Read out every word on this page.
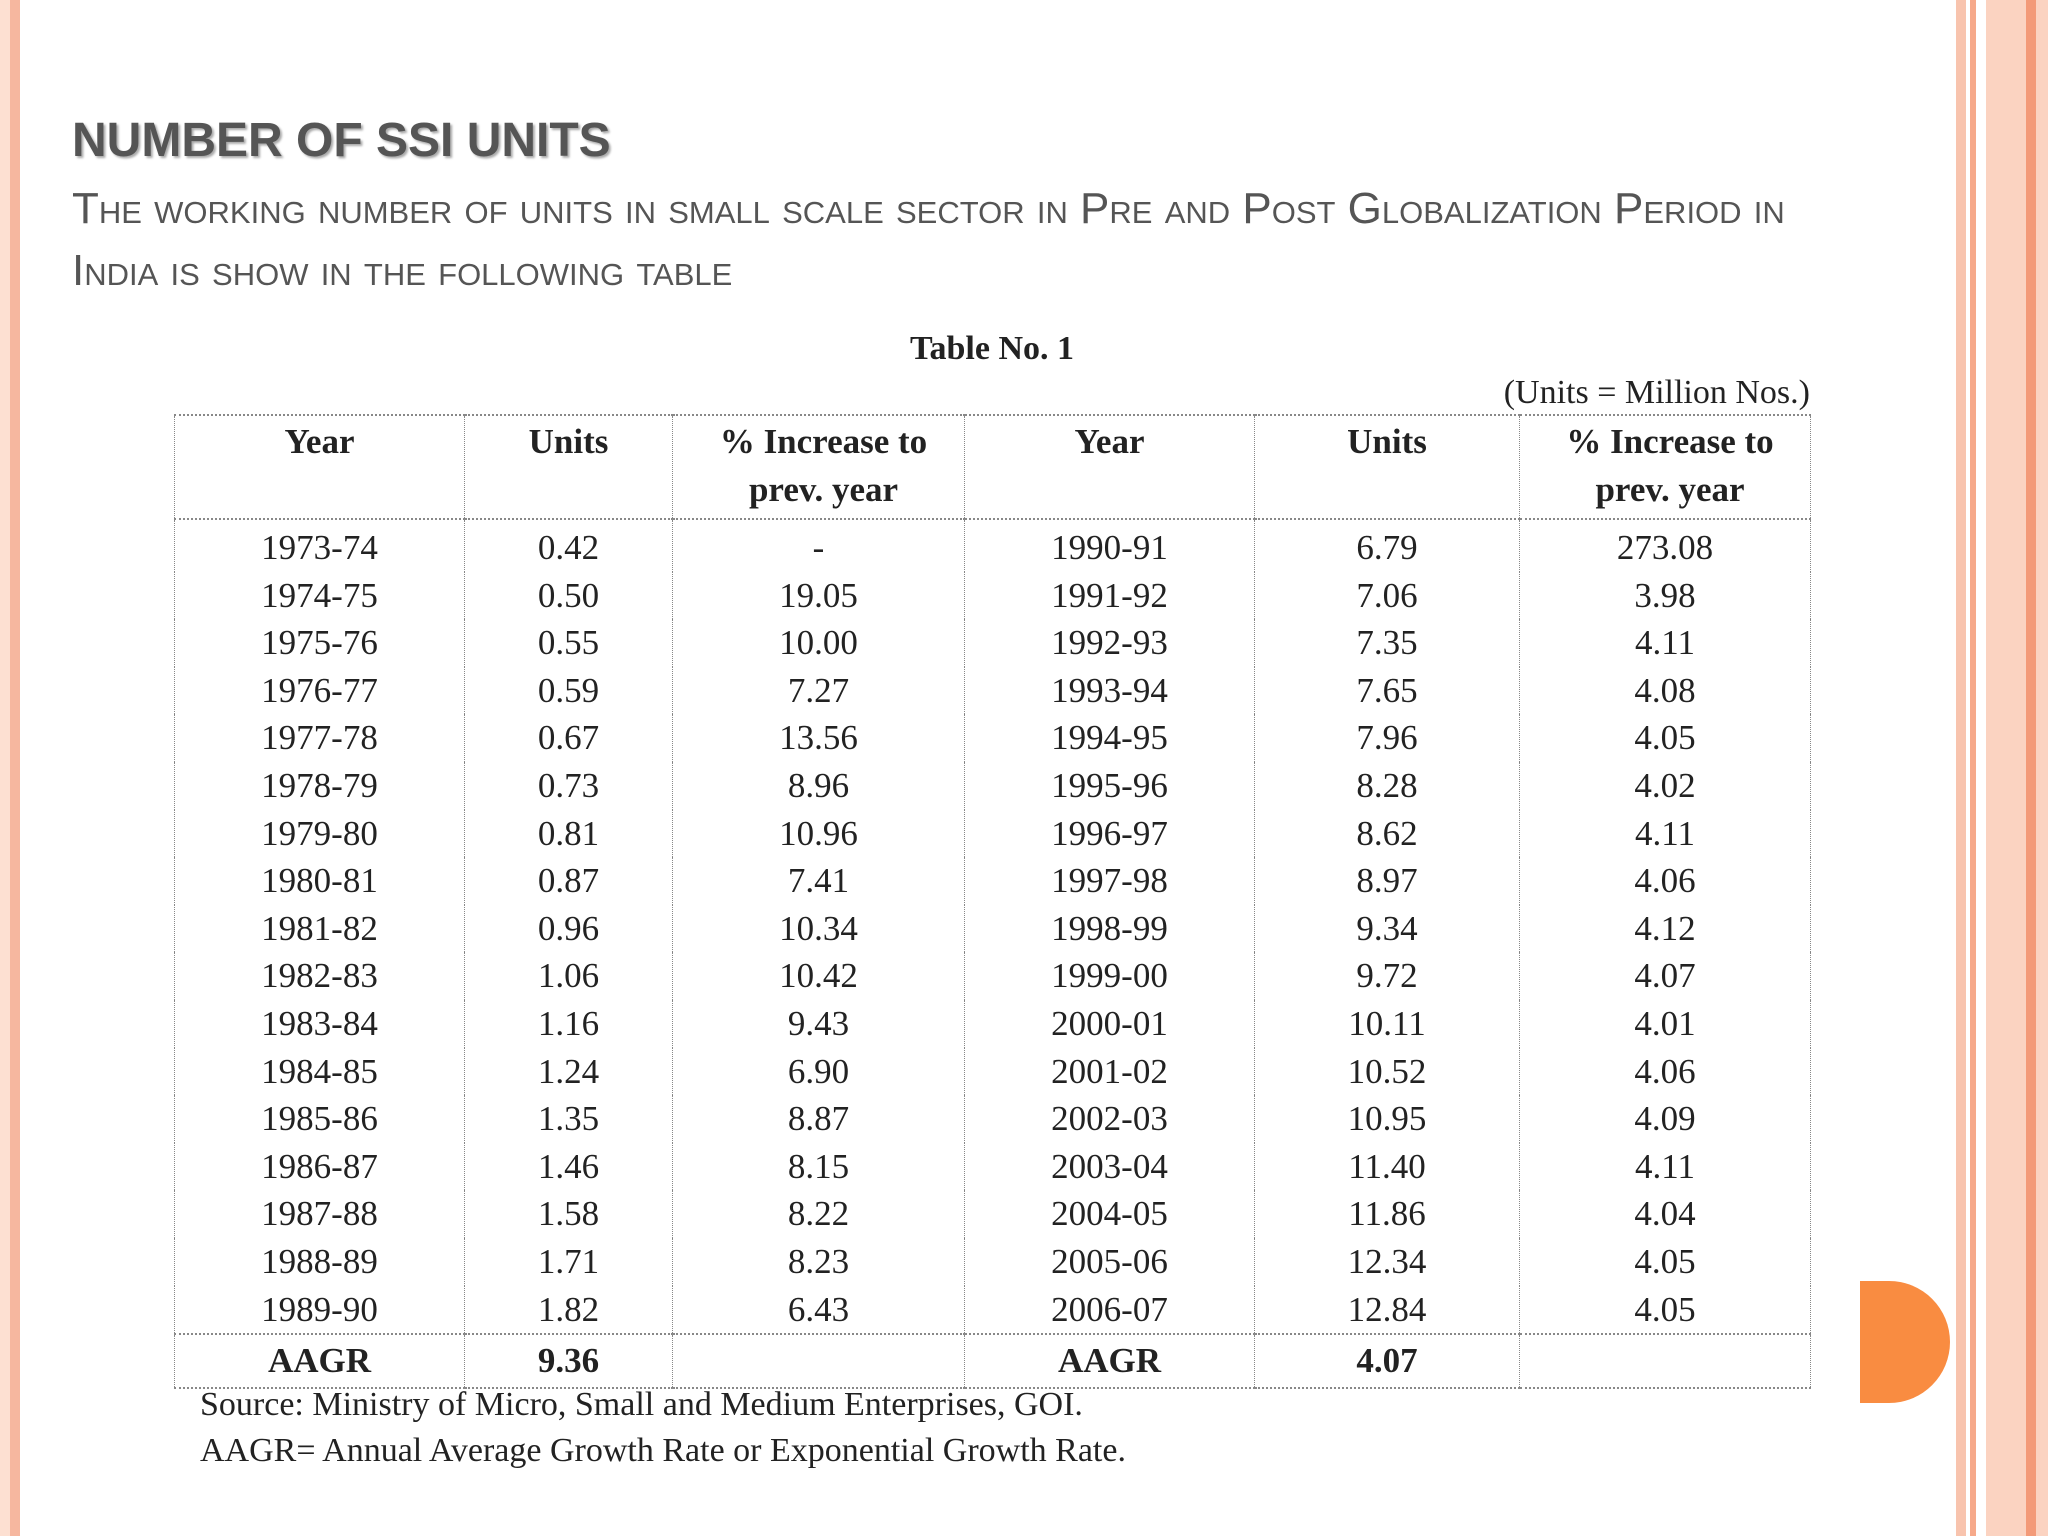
NUMBER OF SSI UNITS

The working number of units in small scale sector in Pre and Post Globalization Period in India is show in the following table

Table No. 1
(Units = Million Nos.)
Year	Units	% Increase to prev. year	Year	Units	% Increase to prev. year
1973-74	0.42	-	1990-91	6.79	273.08
1974-75	0.50	19.05	1991-92	7.06	3.98
1975-76	0.55	10.00	1992-93	7.35	4.11
1976-77	0.59	7.27	1993-94	7.65	4.08
1977-78	0.67	13.56	1994-95	7.96	4.05
1978-79	0.73	8.96	1995-96	8.28	4.02
1979-80	0.81	10.96	1996-97	8.62	4.11
1980-81	0.87	7.41	1997-98	8.97	4.06
1981-82	0.96	10.34	1998-99	9.34	4.12
1982-83	1.06	10.42	1999-00	9.72	4.07
1983-84	1.16	9.43	2000-01	10.11	4.01
1984-85	1.24	6.90	2001-02	10.52	4.06
1985-86	1.35	8.87	2002-03	10.95	4.09
1986-87	1.46	8.15	2003-04	11.40	4.11
1987-88	1.58	8.22	2004-05	11.86	4.04
1988-89	1.71	8.23	2005-06	12.34	4.05
1989-90	1.82	6.43	2006-07	12.84	4.05
AAGR	9.36		AAGR	4.07	
Source: Ministry of Micro, Small and Medium Enterprises, GOI.
AAGR= Annual Average Growth Rate or Exponential Growth Rate.
